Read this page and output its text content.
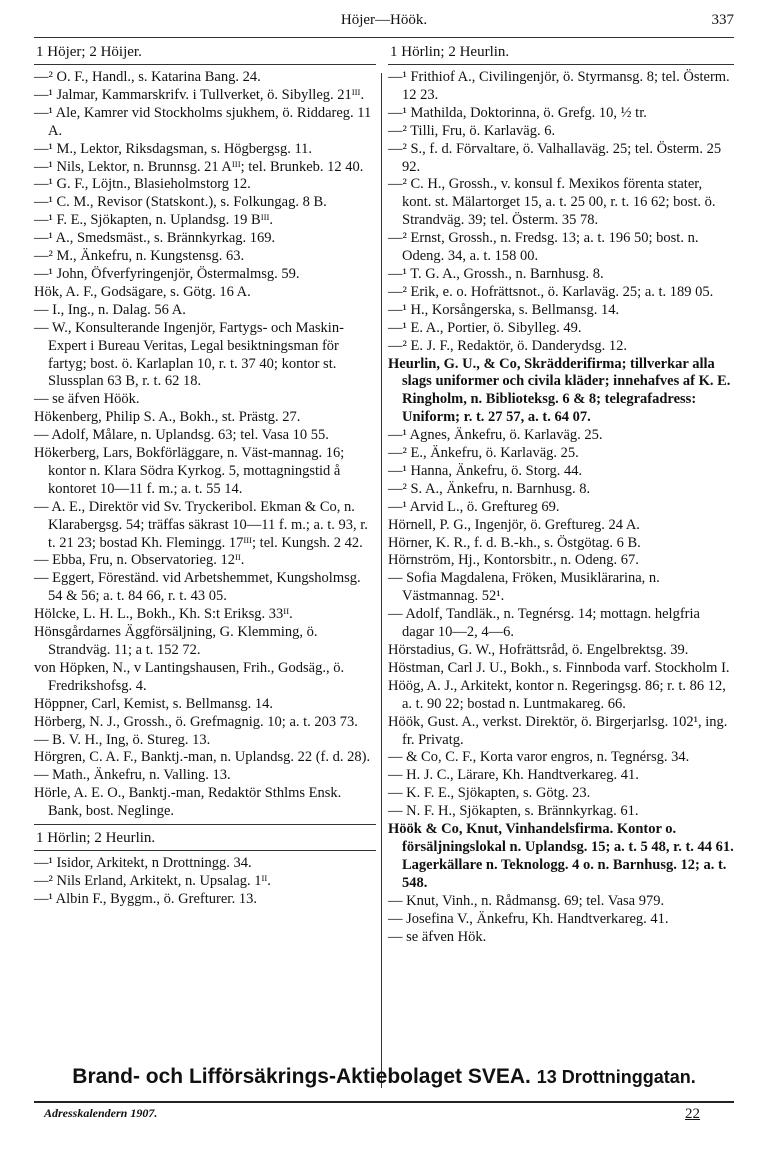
Höjer—Höök.	337
1 Höjer; 2 Höijer.
—² O. F., Handl., s. Katarina Bang. 24.
—¹ Jalmar, Kammarskrifv. i Tullverket, ö. Sibylleg. 21ᴵᴵᴵ.
—¹ Ale, Kamrer vid Stockholms sjukhem, ö. Riddareg. 11 A.
—¹ M., Lektor, Riksdagsman, s. Högbergsg. 11.
—¹ Nils, Lektor, n. Brunnsg. 21 Aᴵᴵᴵ; tel. Brunkeb. 12 40.
—¹ G. F., Löjtn., Blasieholmstorg 12.
—¹ C. M., Revisor (Statskont.), s. Folkungag. 8 B.
—¹ F. E., Sjökapten, n. Uplandsg. 19 Bᴵᴵᴵ.
—¹ A., Smedsmäst., s. Brännkyrkag. 169.
—² M., Änkefru, n. Kungstensg. 63.
—¹ John, Öfverfyringenjör, Östermalmsg. 59.
Hök, A. F., Godsägare, s. Götg. 16 A.
— I., Ing., n. Dalag. 56 A.
— W., Konsulterande Ingenjör, Fartygs- och Maskin-Expert i Bureau Veritas, Legal besiktningsman för fartyg; bost. ö. Karlaplan 10, r. t. 37 40; kontor st. Slussplan 63 B, r. t. 62 18.
— se äfven Höök.
Hökenberg, Philip S. A., Bokh., st. Prästg. 27.
— Adolf, Målare, n. Uplandsg. 63; tel. Vasa 10 55.
Hökerberg, Lars, Bokförläggare, n. Väst-mannag. 16; kontor n. Klara Södra Kyrkog. 5, mottagningstid å kontoret 10—11 f. m.; a. t. 55 14.
— A. E., Direktör vid Sv. Tryckeribol. Ekman & Co, n. Klarabergsg. 54; träffas säkrast 10—11 f. m.; a. t. 93, r. t. 21 23; bostad Kh. Flemingg. 17ᴵᴵᴵ; tel. Kungsh. 2 42.
— Ebba, Fru, n. Observatorieg. 12ᴵᴵ.
— Eggert, Föreständ. vid Arbetshemmet, Kungsholmsg. 54 & 56; a. t. 84 66, r. t. 43 05.
Hölcke, L. H. L., Bokh., Kh. S:t Eriksg. 33ᴵᴵ.
Hönsgårdarnes Äggförsäljning, G. Klemming, ö. Strandväg. 11; a t. 152 72.
von Höpken, N., v Lantingshausen, Frih., Godsäg., ö. Fredrikshofsg. 4.
Höppner, Carl, Kemist, s. Bellmansg. 14.
Hörberg, N. J., Grossh., ö. Grefmagnig. 10; a. t. 203 73.
— B. V. H., Ing, ö. Stureg. 13.
Hörgren, C. A. F., Banktj.-man, n. Uplandsg. 22 (f. d. 28).
— Math., Änkefru, n. Valling. 13.
Hörle, A. E. O., Banktj.-man, Redaktör Sthlms Ensk. Bank, bost. Neglinge.
1 Hörlin; 2 Heurlin.
—¹ Isidor, Arkitekt, n Drottningg. 34.
—² Nils Erland, Arkitekt, n. Upsalag. 1ᴵᴵ.
—¹ Albin F., Byggm., ö. Grefturег. 13.
1 Hörlin; 2 Heurlin.
—¹ Frithiof A., Civilingenjör, ö. Styrmansg. 8; tel. Österm. 12 23.
—¹ Mathilda, Doktorinna, ö. Grefg. 10, ½ tr.
—² Tilli, Fru, ö. Karlaväg. 6.
—² S., f. d. Förvaltare, ö. Valhallaväg. 25; tel. Österm. 25 92.
—² C. H., Grossh., v. konsul f. Mexikos förenta stater, kont. st. Mälartorget 15, a. t. 25 00, r. t. 16 62; bost. ö. Strandväg. 39; tel. Österm. 35 78.
—² Ernst, Grossh., n. Fredsg. 13; a. t. 196 50; bost. n. Odeng. 34, a. t. 158 00.
—¹ T. G. A., Grossh., n. Barnhusg. 8.
—² Erik, e. o. Hofrättsnot., ö. Karlaväg. 25; a. t. 189 05.
—¹ H., Korsångerska, s. Bellmansg. 14.
—¹ E. A., Portier, ö. Sibylleg. 49.
—² E. J. F., Redaktör, ö. Danderydsg. 12.
Heurlin, G. U., & Co, Skrädderifirma; tillverkar alla slags uniformer och civila kläder; innehafves af K. E. Ringholm, n. Biblioteksg. 6 & 8; telegrafadress: Uniform; r. t. 27 57, a. t. 64 07.
—¹ Agnes, Änkefru, ö. Karlaväg. 25.
—² E., Änkefru, ö. Karlaväg. 25.
—¹ Hanna, Änkefru, ö. Storg. 44.
—² S. A., Änkefru, n. Barnhusg. 8.
—¹ Arvid L., ö. Greftureg 69.
Hörnell, P. G., Ingenjör, ö. Greftureg. 24 A.
Hörner, K. R., f. d. B.-kh., s. Östgötag. 6 B.
Hörnström, Hj., Kontorsbitr., n. Odeng. 67.
— Sofia Magdalena, Fröken, Musiklärarina, n. Västmannag. 52¹.
— Adolf, Tandläk., n. Tegnérsg. 14; mottagn. helgfria dagar 10—2, 4—6.
Hörstadius, G. W., Hofrättsråd, ö. Engelbrektsg. 39.
Höstman, Carl J. U., Bokh., s. Finnboda varf. Stockholm I.
Höög, A. J., Arkitekt, kontor n. Regeringsg. 86; r. t. 86 12, a. t. 90 22; bostad n. Luntmakareg. 66.
Höök, Gust. A., verkst. Direktör, ö. Birgerjarlsg. 102¹, ing. fr. Privatg.
— & Co, C. F., Korta varor engros, n. Tegnérsg. 34.
— H. J. C., Lärare, Kh. Handtverkareg. 41.
— K. F. E., Sjökapten, s. Götg. 23.
— N. F. H., Sjökapten, s. Brännkyrkag. 61.
Höök & Co, Knut, Vinhandelsfirma. Kontor o. försäljningslokal n. Uplandsg. 15; a. t. 5 48, r. t. 44 61. Lagerkällare n. Teknologg. 4 o. n. Barnhusg. 12; a. t. 548.
— Knut, Vinh., n. Rådmansg. 69; tel. Vasa 979.
— Josefina V., Änkefru, Kh. Handtverkareg. 41.
— se äfven Hök.
Brand- och Lifförsäkrings-Aktiebolaget SVEA. 13 Drottninggatan.
Adresskalendern 1907.	22
